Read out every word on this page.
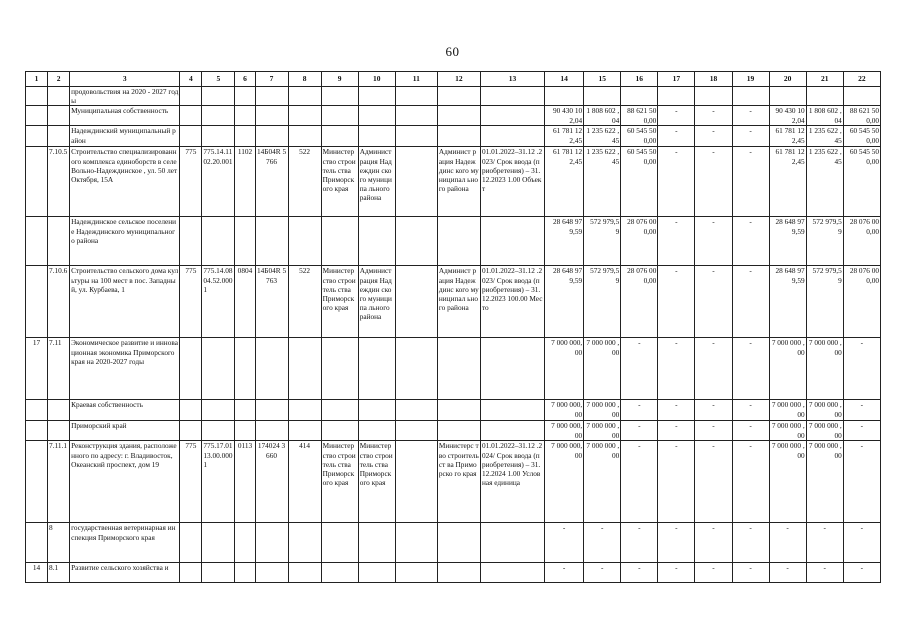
60
1	2	3	4	5	6	7	8	9	10	11	12	13	14	15	16	17	18	19	20	21	22
		продовольствия на 2020 - 2027 годы																			
		Муниципальная собственность											90 430 10 2,04	1 808 602 ,04	88 621 50 0,00	-	-	-	90 430 10 2,04	1 808 602 ,04	88 621 50 0,00
		Надеждинский муниципальный район											61 781 12 2,45	1 235 622 ,45	60 545 50 0,00	-	-	-	61 781 12 2,45	1 235 622 ,45	60 545 50 0,00
	7.10.5	Строительство специализированного комплекса единоборств в селе Вольно-Надеждинское , ул. 50 лет Октября, 15А	775	775.14.11 02.20.001	1102	14Б04R 5766	522	Министер ство строитель ства Приморск ого края	Админист рация Надеждин ского муниципа льного района		Админист рация Надеждинс кого муниципал ьного района	01.01.2022–31.12 .2023/ Срок ввода (приобретения) – 31.12.2023 1.00 Объект	61 781 12 2,45	1 235 622 ,45	60 545 50 0,00	-	-	-	61 781 12 2,45	1 235 622 ,45	60 545 50 0,00
		Надеждинское сельское поселение Надеждинского муниципального района											28 648 97 9,59	572 979,5 9	28 076 00 0,00	-	-	-	28 648 97 9,59	572 979,5 9	28 076 00 0,00
	7.10.6	Строительство сельского дома культуры на 100 мест в пос. Западный, ул. Курбаева, 1	775	775.14.08 04.52.000 1	0804	14Б04R 5763	522	Министер ство строитель ства Приморск ого края	Админист рация Надеждин ского муниципа льного района		Админист рация Надеждинс кого муниципал ьного района	01.01.2022–31.12 .2023/ Срок ввода (приобретения) – 31.12.2023 100.00 Место	28 648 97 9,59	572 979,5 9	28 076 00 0,00	-	-	-	28 648 97 9,59	572 979,5 9	28 076 00 0,00
17	7.11	Экономическое развитие и инновационная экономика Приморского края на 2020-2027 годы											7 000 000, 00	7 000 000 ,00	-	-	-	-	7 000 000 ,00	7 000 000 ,00	-
		Краевая собственность											7 000 000, 00	7 000 000 ,00	-	-	-	-	7 000 000 ,00	7 000 000 ,00	-
		Приморский край											7 000 000, 00	7 000 000 ,00	-	-	-	-	7 000 000 ,00	7 000 000 ,00	-
	7.11.1	Реконструкция здания, расположенного по адресу: г. Владивосток, Океанский проспект, дом 19	775	775.17.01 13.00.000 1	0113	174024 3660	414	Министер ство строитель ства Приморск ого края	Министер ство строитель ства Приморск ого края		Министерс тво строительст ва Приморско го края	01.01.2022–31.12 .2024/ Срок ввода (приобретения) – 31.12.2024 1.00 Условная единица	7 000 000, 00	7 000 000 ,00	-	-	-	-	7 000 000 ,00	7 000 000 ,00	-
	8	государственная ветеринарная инспекция Приморского края											-	-	-	-	-	-	-	-	-
14	8.1	Развитие сельского хозяйства и											-	-	-	-	-	-	-	-	-
